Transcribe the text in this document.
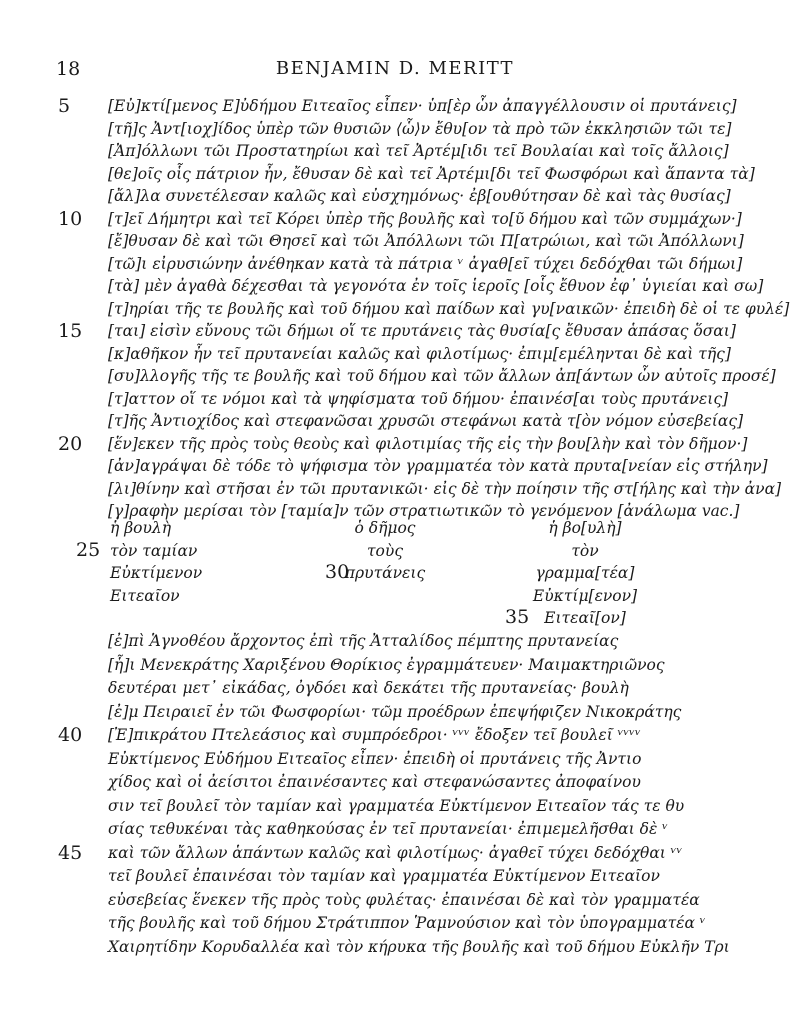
18	BENJAMIN D. MERITT
[Εὐ]κτί[μενος Ε]ὐδήμου Ειτεαῖος εἶπεν· ὑπ[ὲρ ὧν ἀπαγγέλλουσιν οἱ πρυτάνεις]
[τῆ]ς Ἀντ[ιοχ]ίδος ὑπὲρ τῶν θυσιῶν ⟨ὧ⟩ν ἔθυ[ον τὰ πρὸ τῶν ἐκκλησιῶν τῶι τε]
[Ἀπ]όλλωνι τῶι Προστατηρίωι καὶ τεῖ Ἀρτέμ[ιδι τεῖ Βουλαίαι καὶ τοῖς ἄλλοις]
[θε]οῖς οἷς πάτριον ἦν, ἔθυσαν δὲ καὶ τεῖ Ἀρτέμι[δι τεῖ Φωσφόρωι καὶ ἅπαντα τὰ]
[ἄλ]λα συνετέλεσαν καλῶς καὶ εὐσχημόνως· ἐβ[ουθύτησαν δὲ καὶ τὰς θυσίας]
[τ]εῖ Δήμητρι καὶ τεῖ Κόρει ὑπὲρ τῆς βουλῆς καὶ το[ῦ δήμου καὶ τῶν συμμάχων·]
[ἔ]θυσαν δὲ καὶ τῶι Θησεῖ καὶ τῶι Ἀπόλλωνι τῶι Π[ατρώιωι, καὶ τῶι Ἀπόλλωνι]
[τῶ]ι εἰρυσιώνην ἀνέθηκαν κατὰ τὰ πάτρια ᵛ ἀγαθ[εῖ τύχει δεδόχθαι τῶι δήμωι]
[τὰ] μὲν ἀγαθὰ δέχεσθαι τὰ γεγονότα ἐν τοῖς ἱεροῖς [οἷς ἔθυον ἐφ᾽ ὑγιείαι καὶ σω]
[τ]ηρίαι τῆς τε βουλῆς καὶ τοῦ δήμου καὶ παίδων καὶ γυ[ναικῶν· ἐπειδὴ δὲ οἱ τε φυλέ]
[ται] εἰσὶν εὔνους τῶι δήμωι οἵ τε πρυτάνεις τὰς θυσία[ς ἔθυσαν ἁπάσας ὅσαι]
[κ]αθῆκον ἦν τεῖ πρυτανείαι καλῶς καὶ φιλοτίμως· ἐπιμ[εμέληνται δὲ καὶ τῆς]
[συ]λλογῆς τῆς τε βουλῆς καὶ τοῦ δήμου καὶ τῶν ἄλλων ἀπ[άντων ὧν αὐτοῖς προσέ]
[τ]αττον οἵ τε νόμοι καὶ τὰ ψηφίσματα τοῦ δήμου· ἐπαινέσ[αι τοὺς πρυτάνεις]
[τ]ῆς Ἀντιοχίδος καὶ στεφανῶσαι χρυσῶι στεφάνωι κατὰ τ[ὸν νόμον εὐσεβείας]
[ἕν]εκεν τῆς πρὸς τοὺς θεοὺς καὶ φιλοτιμίας τῆς εἰς τὴν βου[λὴν καὶ τὸν δῆμον·]
[ἀν]αγράψαι δὲ τόδε τὸ ψήφισμα τὸν γραμματέα τὸν κατὰ πρυτα[νείαν εἰς στήλην]
[λι]θίνην καὶ στῆσαι ἐν τῶι πρυτανικῶι· εἰς δὲ τὴν ποίησιν τῆς στ[ήλης καὶ τὴν ἀνα]
[γ]ραφὴν μερίσαι τὸν [ταμία]ν τῶν στρατιωτικῶν τὸ γενόμενον [ἀνάλωμα vac.]
5
10
15
20
ἡ βουλὴ
τὸν ταμίαν
Εὐκτίμενον
Ειτεαῖον
ὁ δῆμος
τοὺς
πρυτάνεις
ἡ βο[υλὴ]
τὸν
γραμμα[τέα]
Εὐκτίμ[ενον]
Ειτεαῖ[ον]
25
30
35
[ἐ]πὶ Ἁγνοθέου ἄρχοντος ἐπὶ τῆς Ἀτταλίδος πέμπτης πρυτανείας
[ἧ]ι Μενεκράτης Χαριξένου Θορίκιος ἐγραμμάτευεν· Μαιμακτηριῶνος
δευτέραι μετ᾽ εἰκάδας, ὀγδόει καὶ δεκάτει τῆς πρυτανείας· βουλὴ
[ἐ]μ Πειραιεῖ ἐν τῶι Φωσφορίωι· τῶμ προέδρων ἐπεψήφιζεν Νικοκράτης
[Ἐ]πικράτου Πτελεάσιος καὶ συμπρόεδροι· ᵛᵛᵛ ἔδοξεν τεῖ βουλεῖ ᵛᵛᵛᵛ
Εὐκτίμενος Εὐδήμου Ειτεαῖος εἶπεν· ἐπειδὴ οἱ πρυτάνεις τῆς Ἀντιο
χίδος καὶ οἱ ἀείσιτοι ἐπαινέσαντες καὶ στεφανώσαντες ἀποφαίνου
σιν τεῖ βουλεῖ τὸν ταμίαν καὶ γραμματέα Εὐκτίμενον Ειτεαῖον τάς τε θυ
σίας τεθυκέναι τὰς καθηκούσας ἐν τεῖ πρυτανείαι· ἐπιμεμελῆσθαι δὲ ᵛ
καὶ τῶν ἄλλων ἁπάντων καλῶς καὶ φιλοτίμως· ἀγαθεῖ τύχει δεδόχθαι ᵛᵛ
τεῖ βουλεῖ ἐπαινέσαι τὸν ταμίαν καὶ γραμματέα Εὐκτίμενον Ειτεαῖον
εὐσεβείας ἕνεκεν τῆς πρὸς τοὺς φυλέτας· ἐπαινέσαι δὲ καὶ τὸν γραμματέα
τῆς βουλῆς καὶ τοῦ δήμου Στράτιππον Ῥαμνούσιον καὶ τὸν ὑπογραμματέα ᵛ
Χαιρητίδην Κορυδαλλέα καὶ τὸν κήρυκα τῆς βουλῆς καὶ τοῦ δήμου Εὐκλῆν Τρι
40
45
